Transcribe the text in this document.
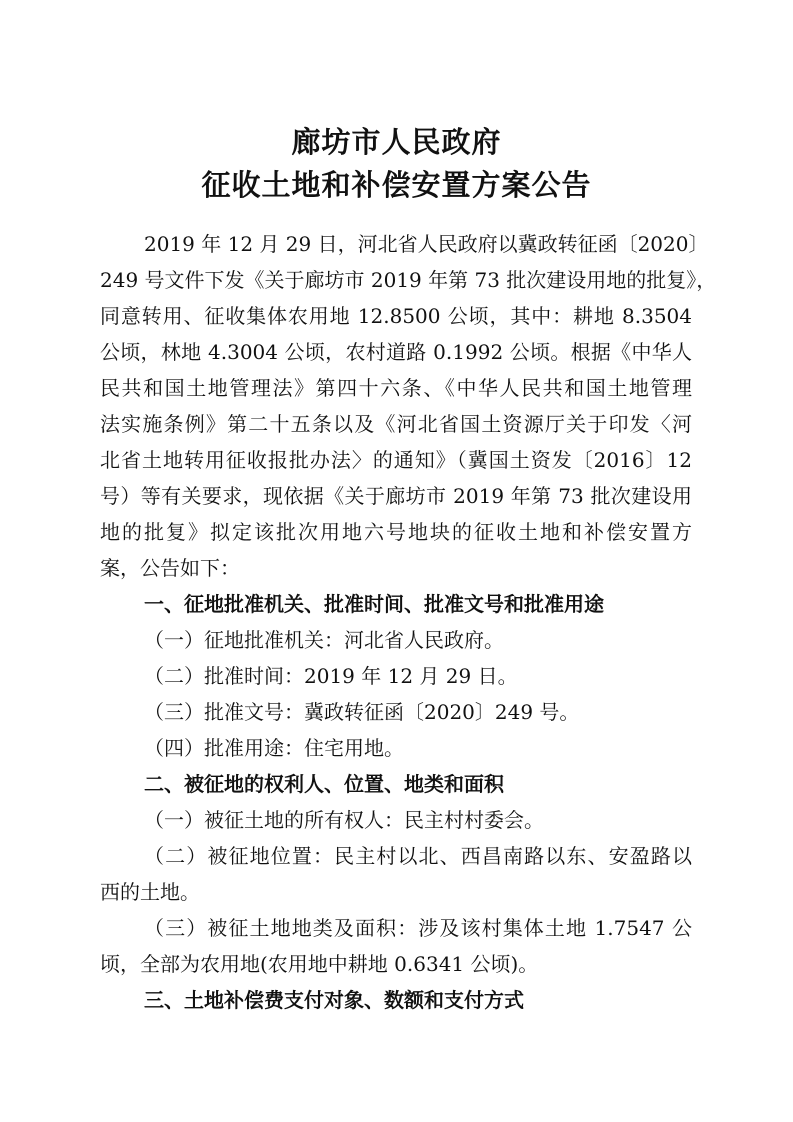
廊坊市人民政府
征收土地和补偿安置方案公告
2019 年 12 月 29 日，河北省人民政府以冀政转征函〔2020〕
249 号文件下发《关于廊坊市 2019 年第 73 批次建设用地的批复》，
同意转用、征收集体农用地 12.8500 公顷，其中：耕地 8.3504
公顷，林地 4.3004 公顷，农村道路 0.1992 公顷。根据《中华人
民共和国土地管理法》第四十六条、《中华人民共和国土地管理
法实施条例》第二十五条以及《河北省国土资源厅关于印发〈河
北省土地转用征收报批办法〉的通知》（冀国土资发〔2016〕12
号）等有关要求，现依据《关于廊坊市 2019 年第 73 批次建设用
地的批复》拟定该批次用地六号地块的征收土地和补偿安置方
案，公告如下：
一、征地批准机关、批准时间、批准文号和批准用途
（一）征地批准机关：河北省人民政府。
（二）批准时间：2019 年 12 月 29 日。
（三）批准文号：冀政转征函〔2020〕249 号。
（四）批准用途：住宅用地。
二、被征地的权利人、位置、地类和面积
（一）被征土地的所有权人：民主村村委会。
（二）被征地位置：民主村以北、西昌南路以东、安盈路以
西的土地。
（三）被征土地地类及面积：涉及该村集体土地 1.7547 公
顷，全部为农用地(农用地中耕地 0.6341 公顷)。
三、土地补偿费支付对象、数额和支付方式
